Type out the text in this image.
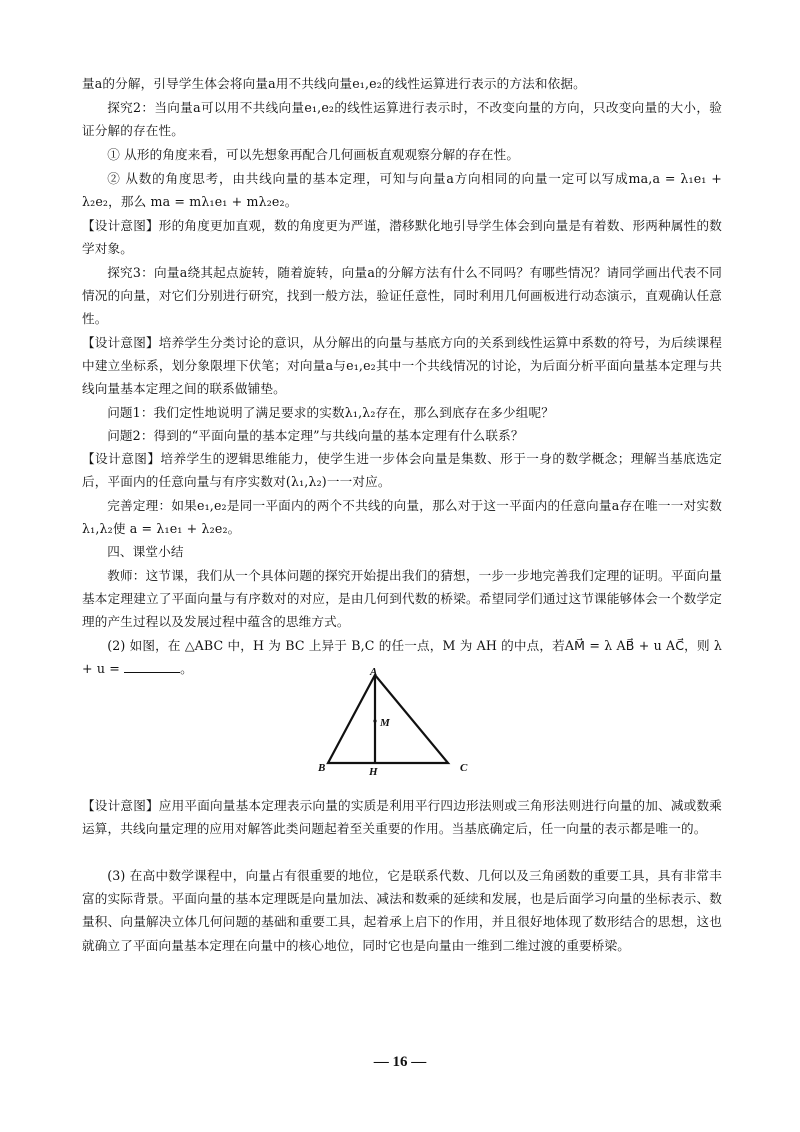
量a的分解，引导学生体会将向量a用不共线向量e₁,e₂的线性运算进行表示的方法和依据。

探究2：当向量a可以用不共线向量e₁,e₂的线性运算进行表示时，不改变向量的方向，只改变向量的大小，验证分解的存在性。

① 从形的角度来看，可以先想象再配合几何画板直观观察分解的存在性。

② 从数的角度思考，由共线向量的基本定理，可知与向量a方向相同的向量一定可以写成ma,a = λ₁e₁ + λ₂e₂，那么 ma = mλ₁e₁ + mλ₂e₂。

【设计意图】形的角度更加直观，数的角度更为严谨，潜移默化地引导学生体会到向量是有着数、形两种属性的数学对象。

探究3：向量a绕其起点旋转，随着旋转，向量a的分解方法有什么不同吗？有哪些情况？请同学画出代表不同情况的向量，对它们分别进行研究，找到一般方法，验证任意性，同时利用几何画板进行动态演示，直观确认任意性。

【设计意图】培养学生分类讨论的意识，从分解出的向量与基底方向的关系到线性运算中系数的符号，为后续课程中建立坐标系，划分象限埋下伏笔；对向量a与e₁,e₂其中一个共线情况的讨论，为后面分析平面向量基本定理与共线向量基本定理之间的联系做铺垫。

问题1：我们定性地说明了满足要求的实数λ₁,λ₂存在，那么到底存在多少组呢？

问题2：得到的“平面向量的基本定理”与共线向量的基本定理有什么联系？

【设计意图】培养学生的逻辑思维能力，使学生进一步体会向量是集数、形于一身的数学概念；理解当基底选定后，平面内的任意向量与有序实数对(λ₁,λ₂)一一对应。

完善定理：如果e₁,e₂是同一平面内的两个不共线的向量，那么对于这一平面内的任意向量a存在唯一一对实数λ₁,λ₂使 a = λ₁e₁ + λ₂e₂。

四、课堂小结

教师：这节课，我们从一个具体问题的探究开始提出我们的猜想，一步一步地完善我们定理的证明。平面向量基本定理建立了平面向量与有序数对的对应，是由几何到代数的桥梁。希望同学们通过这节课能够体会一个数学定理的产生过程以及发展过程中蕴含的思维方式。

(2) 如图，在 △ABC 中，H 为 BC 上异于 B,C 的任一点，M 为 AH 的中点，若AM⃗ = λ AB⃗ + u AC⃗，则 λ + u =	。	A
B	C
H
M

【设计意图】应用平面向量基本定理表示向量的实质是利用平行四边形法则或三角形法则进行向量的加、减或数乘运算，共线向量定理的应用对解答此类问题起着至关重要的作用。当基底确定后，任一向量的表示都是唯一的。

(3) 在高中数学课程中，向量占有很重要的地位，它是联系代数、几何以及三角函数的重要工具，具有非常丰富的实际背景。平面向量的基本定理既是向量加法、减法和数乘的延续和发展，也是后面学习向量的坐标表示、数量积、向量解决立体几何问题的基础和重要工具，起着承上启下的作用，并且很好地体现了数形结合的思想，这也就确立了平面向量基本定理在向量中的核心地位，同时它也是向量由一维到二维过渡的重要桥梁。

— 16 —
